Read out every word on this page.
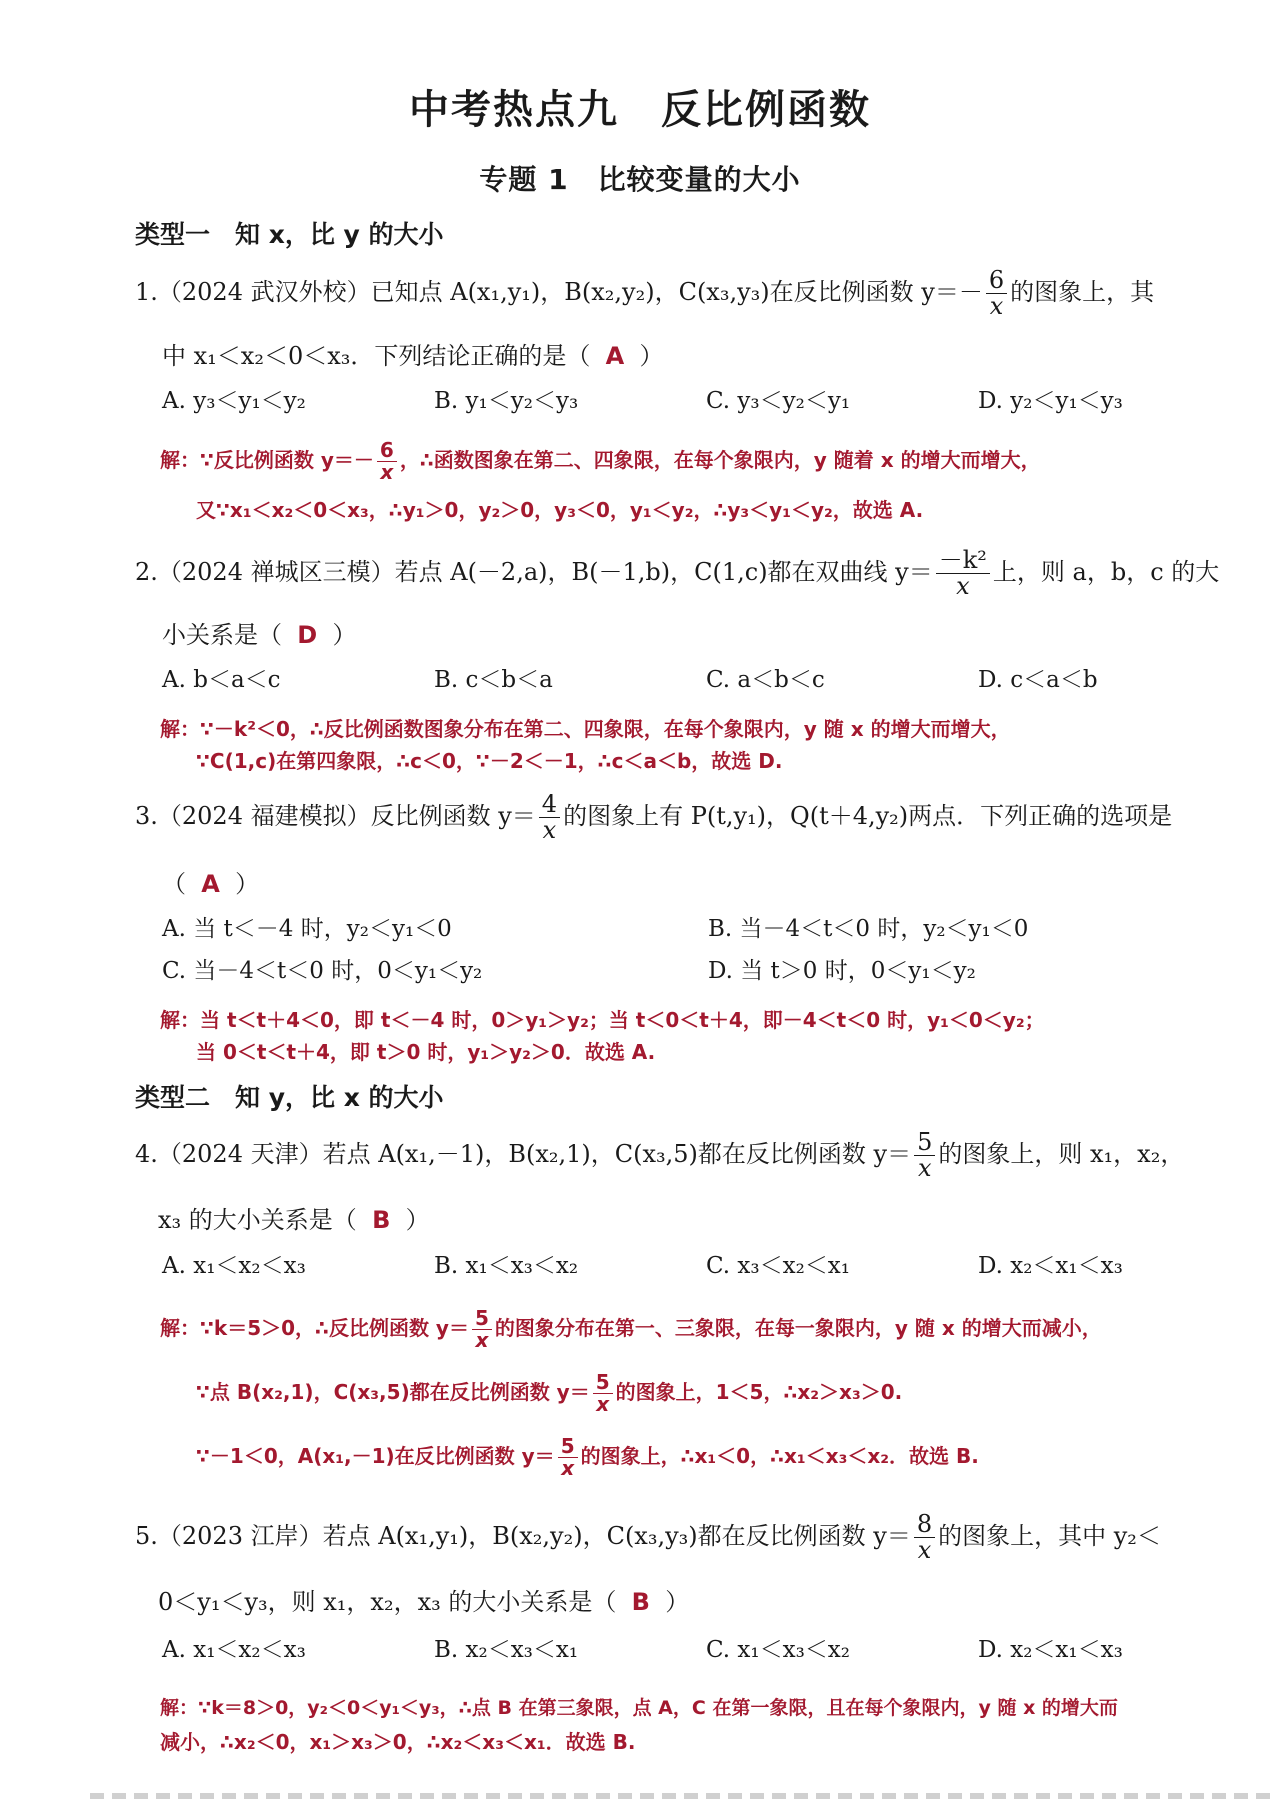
中考热点九　反比例函数
专题 1　比较变量的大小
类型一　知 x，比 y 的大小
1.（2024 武汉外校）已知点 A(x₁,y₁)，B(x₂,y₂)，C(x₃,y₃)在反比例函数 $y=- \frac{6}{x}$ 的图象上，其
中 x₁＜x₂＜0＜x₃．下列结论正确的是（ A ）
A. y₃＜y₁＜y₂	B. y₁＜y₂＜y₃	C. y₃＜y₂＜y₁	D. y₂＜y₁＜y₃
解：∵反比例函数 $y=- \frac{6}{x}$ ，∴函数图象在第二、四象限，在每个象限内，y 随着 x 的增大而增大，
又∵x₁＜x₂＜0＜x₃，∴y₁＞0，y₂＞0，y₃＜0，y₁＜y₂，∴y₃＜y₁＜y₂，故选 A.
2.（2024 禅城区三模）若点 A(－2,a)，B(－1,b)，C(1,c)都在双曲线 $y= \frac{\text{－k²}}{x}$ 上，则 a，b，c 的大
小关系是（ D ）
A. b＜a＜c	B. c＜b＜a	C. a＜b＜c	D. c＜a＜b
解：∵－k²＜0，∴反比例函数图象分布在第二、四象限，在每个象限内，y 随 x 的增大而增大，
∵C(1,c)在第四象限，∴c＜0，∵－2＜－1，∴c＜a＜b，故选 D.
3.（2024 福建模拟）反比例函数 $y= \frac{4}{x}$ 的图象上有 P(t,y₁)，Q(t＋4,y₂)两点．下列正确的选项是
（ A ）
A. 当 t＜－4 时，y₂＜y₁＜0	B. 当－4＜t＜0 时，y₂＜y₁＜0
C. 当－4＜t＜0 时，0＜y₁＜y₂	D. 当 t＞0 时，0＜y₁＜y₂
解：当 t＜t＋4＜0，即 t＜－4 时，0＞y₁＞y₂；当 t＜0＜t＋4，即－4＜t＜0 时，y₁＜0＜y₂；
当 0＜t＜t＋4，即 t＞0 时，y₁＞y₂＞0．故选 A.
类型二　知 y，比 x 的大小
4.（2024 天津）若点 A(x₁,－1)，B(x₂,1)，C(x₃,5)都在反比例函数 $y= \frac{5}{x}$ 的图象上，则 x₁，x₂，
x₃ 的大小关系是（ B ）
A. x₁＜x₂＜x₃	B. x₁＜x₃＜x₂	C. x₃＜x₂＜x₁	D. x₂＜x₁＜x₃
解：∵k＝5＞0，∴反比例函数 $y= \frac{5}{x}$ 的图象分布在第一、三象限，在每一象限内，y 随 x 的增大而减小，
∵点 B(x₂,1)，C(x₃,5)都在反比例函数 $y= \frac{5}{x}$ 的图象上，1＜5，∴x₂＞x₃＞0.
∵－1＜0，A(x₁,－1)在反比例函数 $y= \frac{5}{x}$ 的图象上，∴x₁＜0，∴x₁＜x₃＜x₂．故选 B.
5.（2023 江岸）若点 A(x₁,y₁)，B(x₂,y₂)，C(x₃,y₃)都在反比例函数 $y= \frac{8}{x}$ 的图象上，其中 y₂＜
0＜y₁＜y₃，则 x₁，x₂，x₃ 的大小关系是（ B ）
A. x₁＜x₂＜x₃	B. x₂＜x₃＜x₁	C. x₁＜x₃＜x₂	D. x₂＜x₁＜x₃
解：∵k＝8＞0，y₂＜0＜y₁＜y₃，∴点 B 在第三象限，点 A，C 在第一象限，且在每个象限内，y 随 x 的增大而
减小，∴x₂＜0，x₁＞x₃＞0，∴x₂＜x₃＜x₁．故选 B.
